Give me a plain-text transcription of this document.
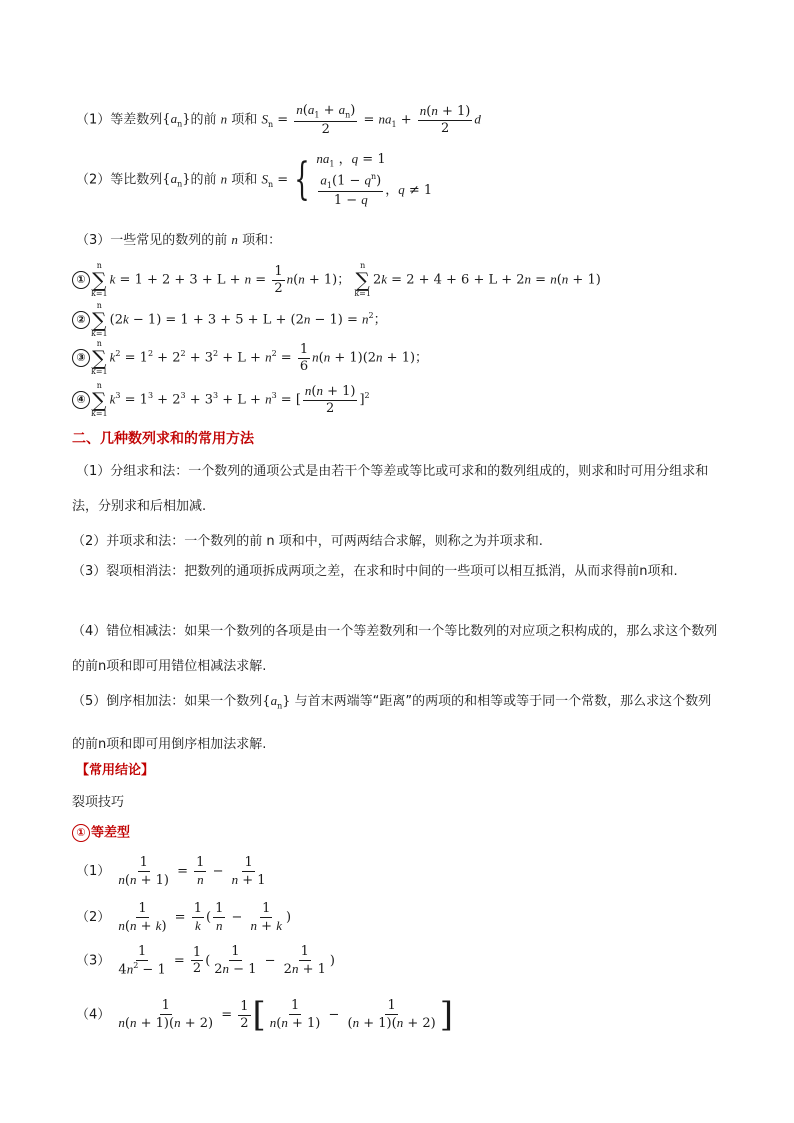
（1）等差数列$\{a_n\}$的前 n 项和 $S_n = \frac{n(a_1 + a_n)}{2} = na_1 + \frac{n(n + 1)}{2}$ d
（2）等比数列$\{a_n\}$的前 n 项和 $S_n$ = { $na_1$ ，q = 1
$\frac{a_1(1 - q^n)}{1 - q}$ ，q ≠ 1
（3）一些常见的数列的前 n 项和：
①
n
∑
k=1
$k = 1 + 2 + 3 + L + n = \frac{1}{2} n(n + 1)$；
n
∑
k=1
2k = 2 + 4 + 6 + L + 2n = n(n + 1)
②
n
∑
k=1
$(2k - 1) = 1 + 3 + 5 + L + (2n - 1) = n^2$；
③
n
∑
k=1
$k^2 = 1^2 + 2^2 + 3^2 + L + n^2 = \frac{1}{6} n(n + 1)(2n + 1)$；
④
n
∑
k=1
$k^3 = 1^3 + 2^3 + 3^3 + L + n^3$ = [ $\frac{n(n + 1)}{2} ]^2$
二、几种数列求和的常用方法
（1）分组求和法：一个数列的通项公式是由若干个等差或等比或可求和的数列组成的，则求和时可用分组求和法，分别求和后相加减.
（2）并项求和法：一个数列的前 n 项和中，可两两结合求解，则称之为并项求和.
（3）裂项相消法：把数列的通项拆成两项之差，在求和时中间的一些项可以相互抵消，从而求得前n项和.
（4）错位相减法：如果一个数列的各项是由一个等差数列和一个等比数列的对应项之积构成的，那么求这个数列的前n项和即可用错位相减法求解.
（5）倒序相加法：如果一个数列$\{a_n\}$ 与首末两端等“距离”的两项的和相等或等于同一个常数，那么求这个数列的前n项和即可用倒序相加法求解.
【常用结论】
裂项技巧
① 等差型
$(1) \frac{1}{n(n + 1)} = \frac{1}{n} - \frac{1}{n + 1}$
$(2) \frac{1}{n(n + k)} = \frac{1}{k}$ ( $\frac{1}{n} - \frac{1}{n + k}$ )
$(3) \frac{1}{4n^2 - 1} = \frac{1}{2}$ ( $\frac{1}{2n - 1} - \frac{1}{2n + 1}$ )
$(4) \frac{1}{n(n + 1)(n + 2)} = \frac{1}{2}$ [ $\frac{1}{n(n + 1)} - \frac{1}{(n + 1)(n + 2)}$ ]
